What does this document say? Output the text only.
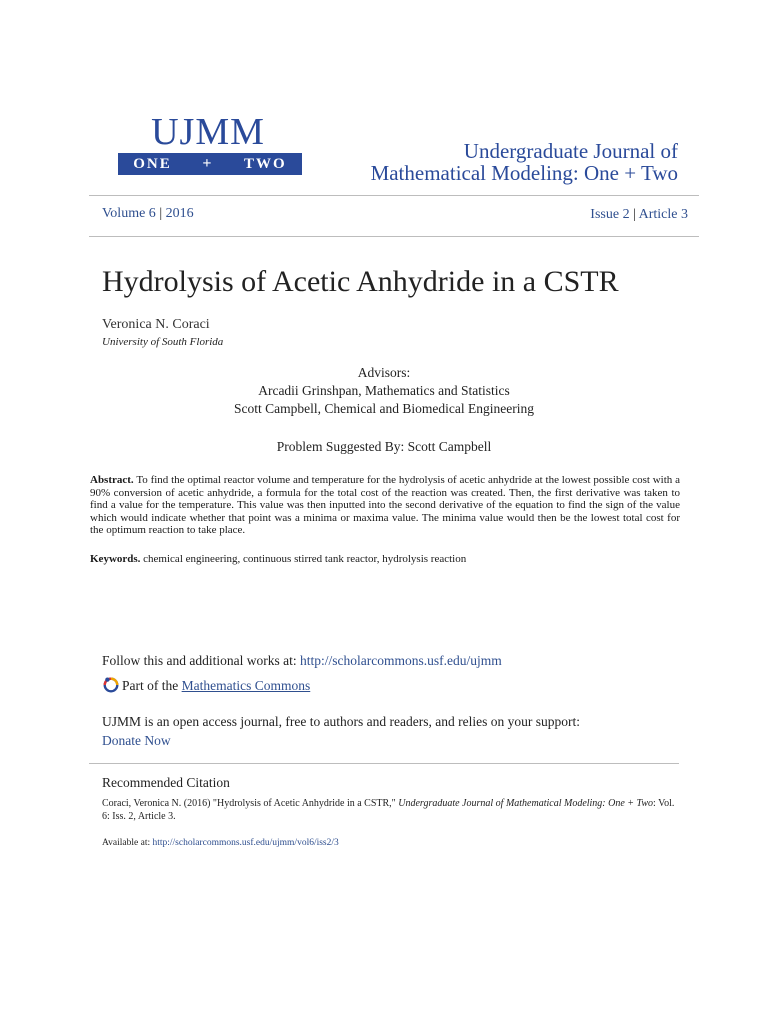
UJMM
ONE + TWO
Undergraduate Journal of
Mathematical Modeling: One + Two
Volume 6 | 2016	Issue 2 | Article 3
Hydrolysis of Acetic Anhydride in a CSTR
Veronica N. Coraci
University of South Florida
Advisors:
Arcadii Grinshpan, Mathematics and Statistics
Scott Campbell, Chemical and Biomedical Engineering
Problem Suggested By: Scott Campbell
Abstract. To find the optimal reactor volume and temperature for the hydrolysis of acetic anhydride at the lowest possible cost with a 90% conversion of acetic anhydride, a formula for the total cost of the reaction was created. Then, the first derivative was taken to find a value for the temperature. This value was then inputted into the second derivative of the equation to find the sign of the value which would indicate whether that point was a minima or maxima value. The minima value would then be the lowest total cost for the optimum reaction to take place.
Keywords. chemical engineering, continuous stirred tank reactor, hydrolysis reaction
Follow this and additional works at: http://scholarcommons.usf.edu/ujmm
Part of the
Mathematics Commons
UJMM is an open access journal, free to authors and readers, and relies on your support:
Donate Now
Recommended Citation
Coraci, Veronica N. (2016) "Hydrolysis of Acetic Anhydride in a CSTR," Undergraduate Journal of Mathematical Modeling: One + Two: Vol. 6: Iss. 2, Article 3.
Available at: http://scholarcommons.usf.edu/ujmm/vol6/iss2/3
